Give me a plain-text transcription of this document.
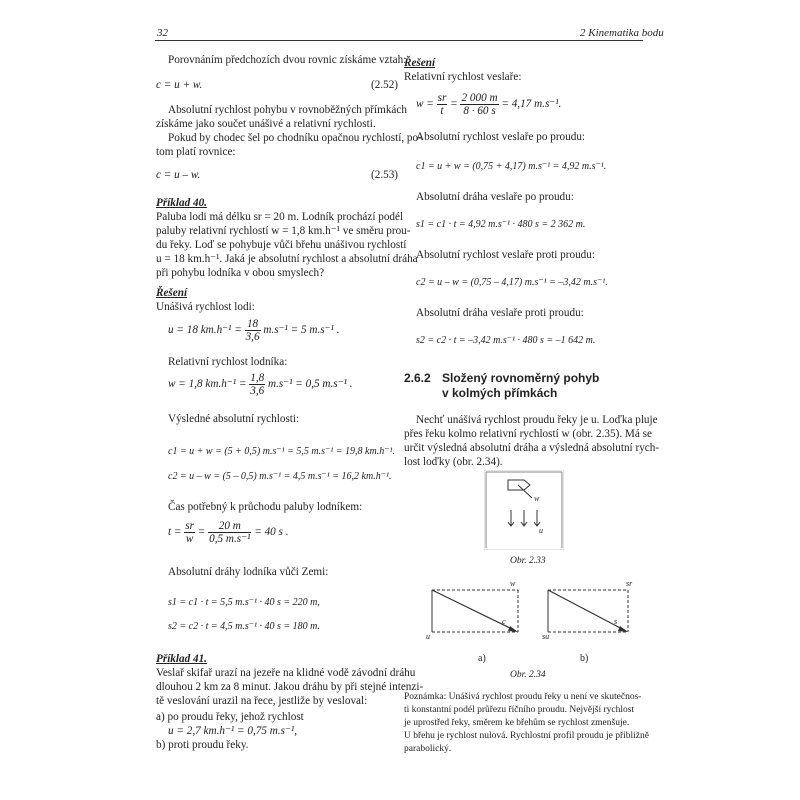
32	2 Kinematika bodu
Porovnáním předchozích dvou rovnic získáme vztah:
c = u + w.	(2.52)
Absolutní rychlost pohybu v rovnoběžných přímkách
získáme jako součet unášivé a relativní rychlosti.
Pokud by chodec šel po chodníku opačnou rychlostí, po-
tom platí rovnice:
c = u – w.	(2.53)
Příklad 40.
Paluba lodi má délku sr = 20 m. Lodník prochází podél
paluby relativní rychlostí w = 1,8 km.h⁻¹ ve směru prou-
du řeky. Loď se pohybuje vůči břehu unášivou rychlostí
u = 18 km.h⁻¹. Jaká je absolutní rychlost a absolutní dráha
při pohybu lodníka v obou smyslech?
Řešení
Unášivá rychlost lodi:
u = 18 $km.h^{-1} = \frac{18}{3,6} m.s^{-1} = 5$ m.s⁻¹ .
Relativní rychlost lodníka:
w = 1,8 $km.h^{-1} = \frac{1,8}{3,6} m.s^{-1} = 0,5$ m.s⁻¹ .
Výsledné absolutní rychlosti:
c1 = u + w = (5 + 0,5) m.s⁻¹ = 5,5 m.s⁻¹ = 19,8 km.h⁻¹.
c2 = u – w = (5 – 0,5) m.s⁻¹ = 4,5 m.s⁻¹ = 16,2 km.h⁻¹.
Čas potřebný k průchodu paluby lodníkem:
$t = \frac{sr}{w} = \frac{20 m}{\text{0,5 m.s⁻¹}} = 40$ s .
Absolutní dráhy lodníka vůči Zemi:
s1 = c1 · t = 5,5 m.s⁻¹ · 40 s = 220 m,
s2 = c2 · t = 4,5 m.s⁻¹ · 40 s = 180 m.
Příklad 41.
Veslař skifař urazí na jezeře na klidné vodě závodní dráhu
dlouhou 2 km za 8 minut. Jakou dráhu by při stejné intenzi-
tě veslování urazil na řece, jestliže by vesloval:
a) po proudu řeky, jehož rychlost
u = 2,7 km.h⁻¹ = 0,75 m.s⁻¹,
b) proti proudu řeky.
Řešení
Relativní rychlost veslaře:
$w = \frac{sr}{t} = \frac{2 000 m}{8 \cdot 60 s} = 4,17$ m.s⁻¹.
Absolutní rychlost veslaře po proudu:
c1 = u + w = (0,75 + 4,17) m.s⁻¹ = 4,92 m.s⁻¹.
Absolutní dráha veslaře po proudu:
s1 = c1 · t = 4,92 m.s⁻¹ · 480 s = 2 362 m.
Absolutní rychlost veslaře proti proudu:
c2 = u – w = (0,75 – 4,17) m.s⁻¹ = –3,42 m.s⁻¹.
Absolutní dráha veslaře proti proudu:
s2 = c2 · t = –3,42 m.s⁻¹ · 480 s = –1 642 m.
2.6.2 Složený rovnoměrný pohyb
v kolmých přímkách
Nechť unášivá rychlost proudu řeky je u. Loďka pluje
přes řeku kolmo relativní rychlostí w (obr. 2.35). Má se
určit výsledná absolutní dráha a výsledná absolutní rych-
lost loďky (obr. 2.34).
w
u
Obr. 2.33
w
u
c
sr
su
s
a)	b)
Obr. 2.34
Poznámka: Unášivá rychlost proudu řeky u není ve skutečnos-
ti konstantní podél průřezu říčního proudu. Nejvější rychlost
je uprostřed řeky, směrem ke břehům se rychlost zmenšuje.
U břehu je rychlost nulová. Rychlostní profil proudu je přibližně
parabolický.
